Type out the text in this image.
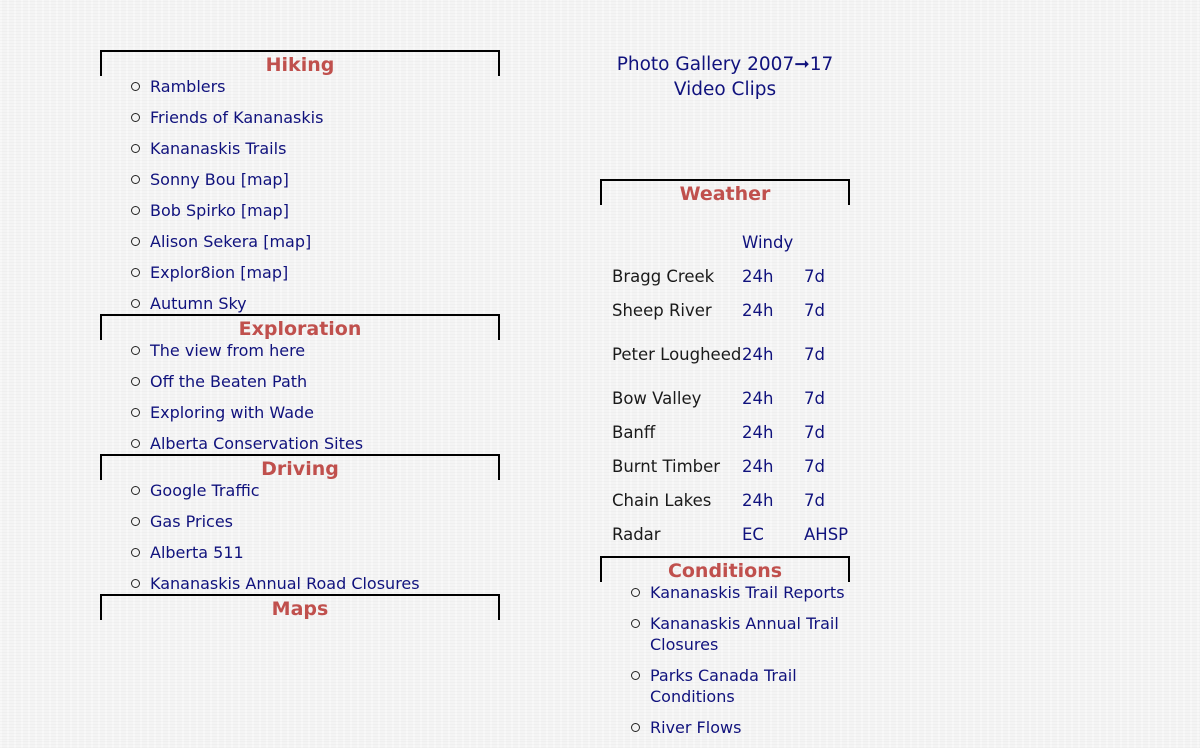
Hiking
Ramblers
Friends of Kananaskis
Kananaskis Trails
Sonny Bou [map]
Bob Spirko [map]
Alison Sekera [map]
Explor8ion [map]
Autumn Sky
Exploration
The view from here
Off the Beaten Path
Exploring with Wade
Alberta Conservation Sites
Driving
Google Traffic
Gas Prices
Alberta 511
Kananaskis Annual Road Closures
Maps
Photo Gallery 2007➞17
Video Clips
Weather
	Windy	
Bragg Creek	24h	7d
Sheep River	24h	7d
Peter Lougheed	24h	7d
Bow Valley	24h	7d
Banff	24h	7d
Burnt Timber	24h	7d
Chain Lakes	24h	7d
Radar	EC	AHSP
Conditions
Kananaskis Trail Reports
Kananaskis Annual Trail Closures
Parks Canada Trail Conditions
River Flows
